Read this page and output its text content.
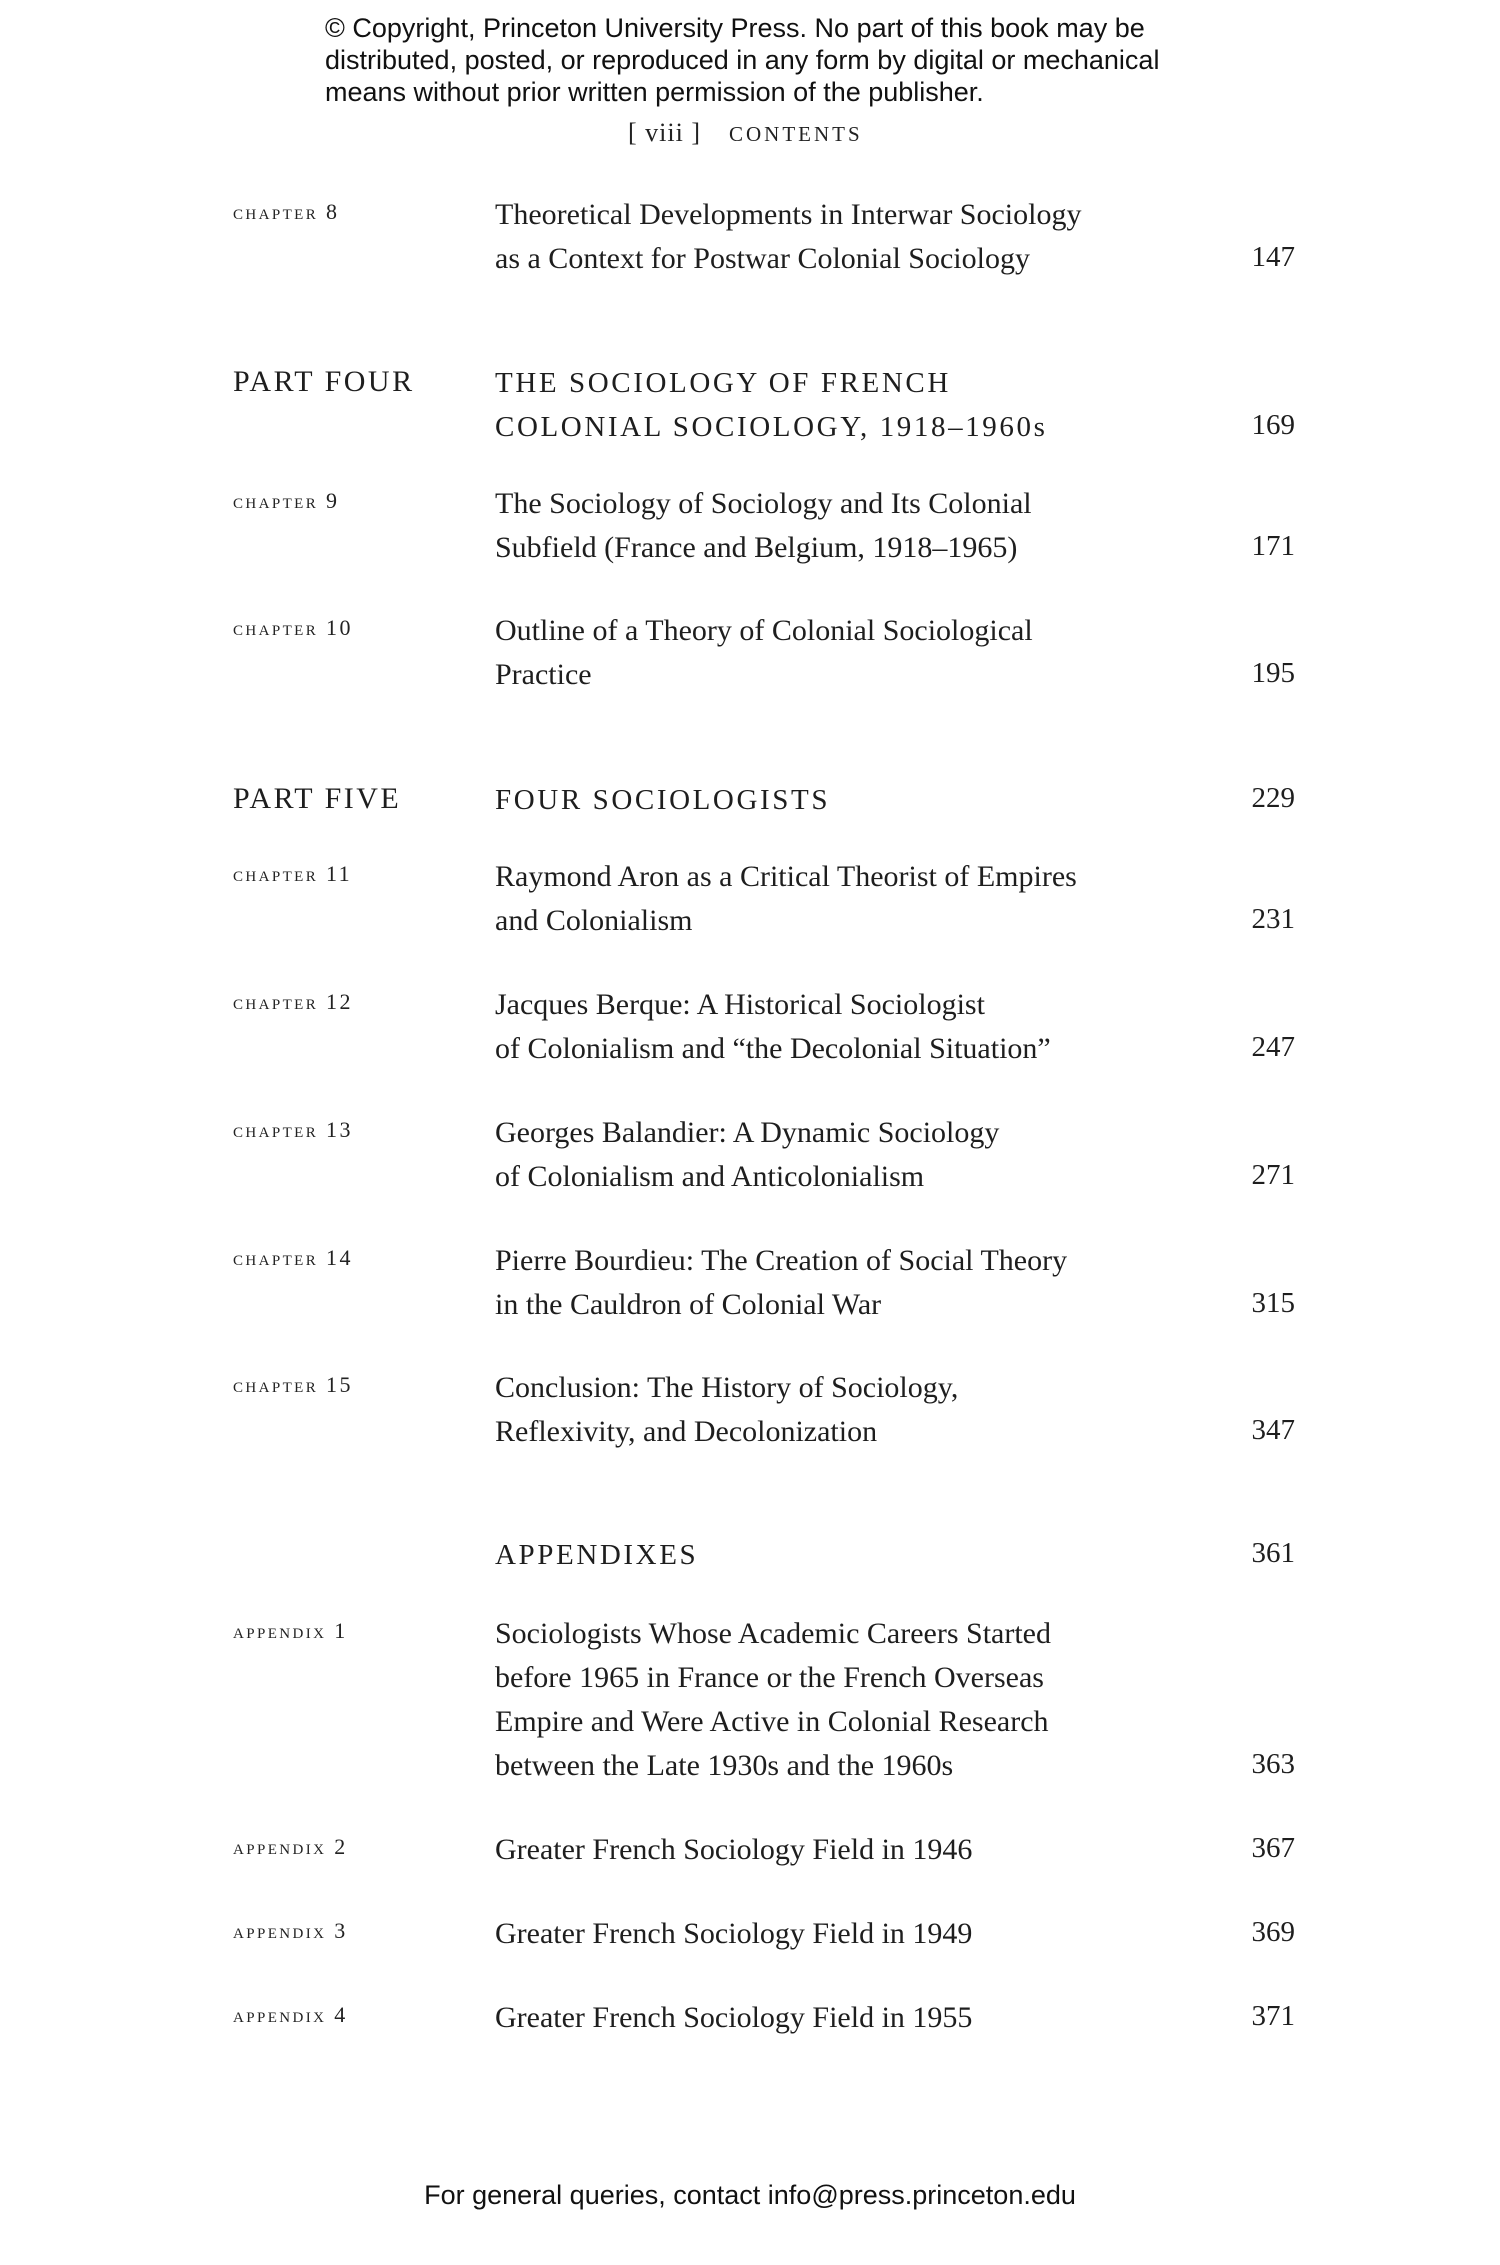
© Copyright, Princeton University Press. No part of this book may be
distributed, posted, or reproduced in any form by digital or mechanical
means without prior written permission of the publisher.
[ viii ] CONTENTS
chapter 8	Theoretical Developments in Interwar Sociology
as a Context for Postwar Colonial Sociology	147
PART FOUR	THE SOCIOLOGY OF FRENCH
COLONIAL SOCIOLOGY, 1918–1960s	169
chapter 9	The Sociology of Sociology and Its Colonial
Subfield (France and Belgium, 1918–1965)	171
chapter 10	Outline of a Theory of Colonial Sociological
Practice	195
PART FIVE	FOUR SOCIOLOGISTS	229
chapter 11	Raymond Aron as a Critical Theorist of Empires
and Colonialism	231
chapter 12	Jacques Berque: A Historical Sociologist
of Colonialism and “the Decolonial Situation”	247
chapter 13	Georges Balandier: A Dynamic Sociology
of Colonialism and Anticolonialism	271
chapter 14	Pierre Bourdieu: The Creation of Social Theory
in the Cauldron of Colonial War	315
chapter 15	Conclusion: The History of Sociology,
Reflexivity, and Decolonization	347
APPENDIXES	361
appendix 1	Sociologists Whose Academic Careers Started
before 1965 in France or the French Overseas
Empire and Were Active in Colonial Research
between the Late 1930s and the 1960s	363
appendix 2	Greater French Sociology Field in 1946	367
appendix 3	Greater French Sociology Field in 1949	369
appendix 4	Greater French Sociology Field in 1955	371
For general queries, contact info@press.princeton.edu
